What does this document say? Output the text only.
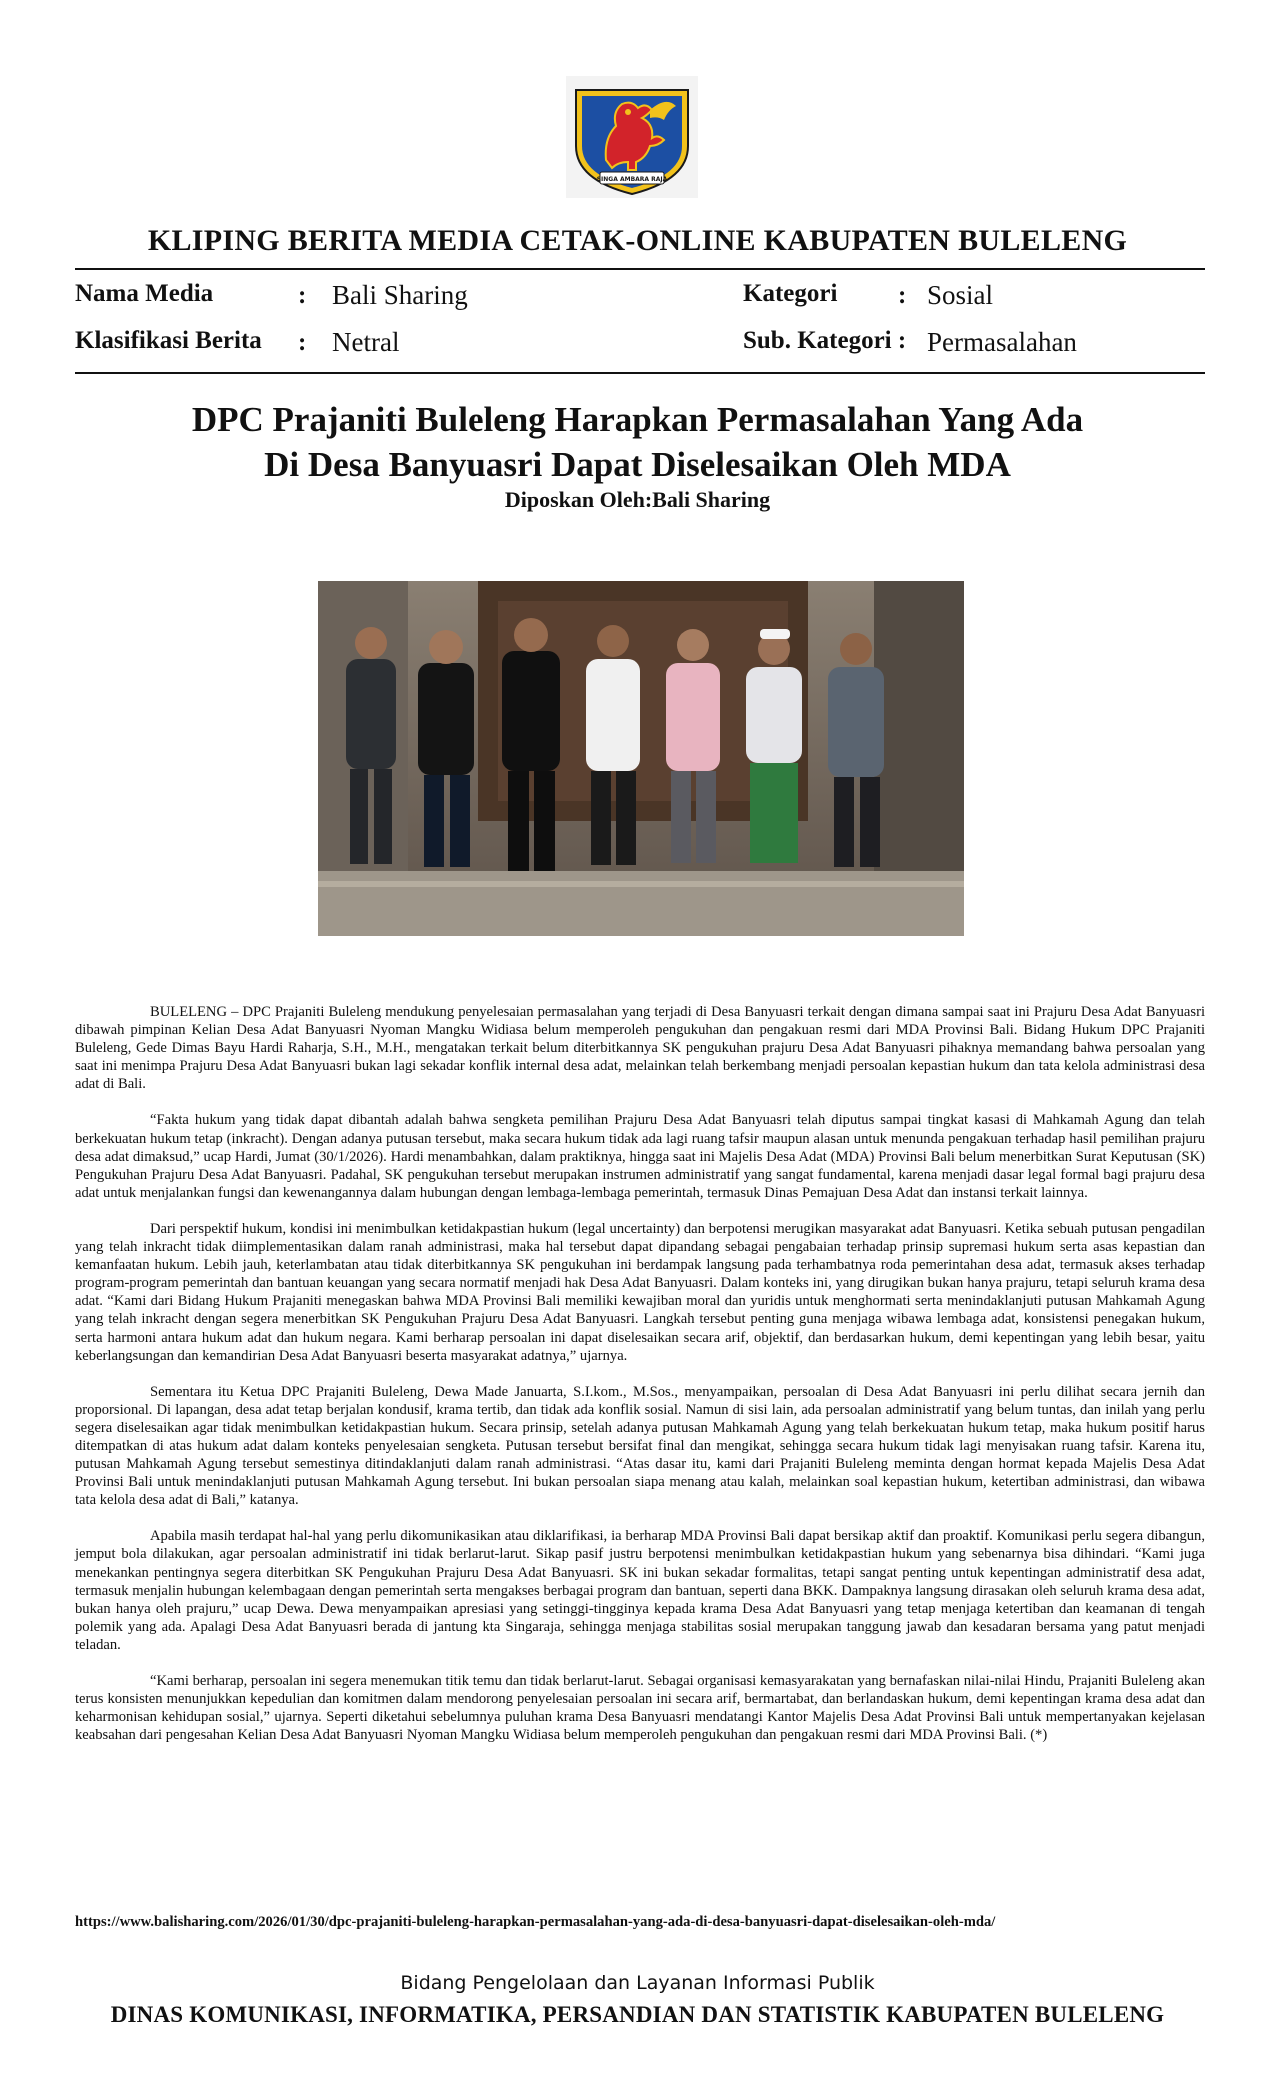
SINGA AMBARA RAJA
KLIPING BERITA MEDIA CETAK-ONLINE KABUPATEN BULELENG
Nama Media	: Bali Sharing	Kategori : Sosial
Klasifikasi Berita : Netral	Sub. Kategori : Permasalahan
DPC Prajaniti Buleleng Harapkan Permasalahan Yang Ada
Di Desa Banyuasri Dapat Diselesaikan Oleh MDA
Diposkan Oleh:Bali Sharing

BULELENG – DPC Prajaniti Buleleng mendukung penyelesaian permasalahan yang terjadi di Desa Banyuasri terkait dengan dimana sampai saat ini Prajuru Desa Adat Banyuasri dibawah pimpinan Kelian Desa Adat Banyuasri Nyoman Mangku Widiasa belum memperoleh pengukuhan dan pengakuan resmi dari MDA Provinsi Bali. Bidang Hukum DPC Prajaniti Buleleng, Gede Dimas Bayu Hardi Raharja, S.H., M.H., mengatakan terkait belum diterbitkannya SK pengukuhan prajuru Desa Adat Banyuasri pihaknya memandang bahwa persoalan yang saat ini menimpa Prajuru Desa Adat Banyuasri bukan lagi sekadar konflik internal desa adat, melainkan telah berkembang menjadi persoalan kepastian hukum dan tata kelola administrasi desa adat di Bali.

“Fakta hukum yang tidak dapat dibantah adalah bahwa sengketa pemilihan Prajuru Desa Adat Banyuasri telah diputus sampai tingkat kasasi di Mahkamah Agung dan telah berkekuatan hukum tetap (inkracht). Dengan adanya putusan tersebut, maka secara hukum tidak ada lagi ruang tafsir maupun alasan untuk menunda pengakuan terhadap hasil pemilihan prajuru desa adat dimaksud,” ucap Hardi, Jumat (30/1/2026). Hardi menambahkan, dalam praktiknya, hingga saat ini Majelis Desa Adat (MDA) Provinsi Bali belum menerbitkan Surat Keputusan (SK) Pengukuhan Prajuru Desa Adat Banyuasri. Padahal, SK pengukuhan tersebut merupakan instrumen administratif yang sangat fundamental, karena menjadi dasar legal formal bagi prajuru desa adat untuk menjalankan fungsi dan kewenangannya dalam hubungan dengan lembaga-lembaga pemerintah, termasuk Dinas Pemajuan Desa Adat dan instansi terkait lainnya.

Dari perspektif hukum, kondisi ini menimbulkan ketidakpastian hukum (legal uncertainty) dan berpotensi merugikan masyarakat adat Banyuasri. Ketika sebuah putusan pengadilan yang telah inkracht tidak diimplementasikan dalam ranah administrasi, maka hal tersebut dapat dipandang sebagai pengabaian terhadap prinsip supremasi hukum serta asas kepastian dan kemanfaatan hukum. Lebih jauh, keterlambatan atau tidak diterbitkannya SK pengukuhan ini berdampak langsung pada terhambatnya roda pemerintahan desa adat, termasuk akses terhadap program-program pemerintah dan bantuan keuangan yang secara normatif menjadi hak Desa Adat Banyuasri. Dalam konteks ini, yang dirugikan bukan hanya prajuru, tetapi seluruh krama desa adat. “Kami dari Bidang Hukum Prajaniti menegaskan bahwa MDA Provinsi Bali memiliki kewajiban moral dan yuridis untuk menghormati serta menindaklanjuti putusan Mahkamah Agung yang telah inkracht dengan segera menerbitkan SK Pengukuhan Prajuru Desa Adat Banyuasri. Langkah tersebut penting guna menjaga wibawa lembaga adat, konsistensi penegakan hukum, serta harmoni antara hukum adat dan hukum negara. Kami berharap persoalan ini dapat diselesaikan secara arif, objektif, dan berdasarkan hukum, demi kepentingan yang lebih besar, yaitu keberlangsungan dan kemandirian Desa Adat Banyuasri beserta masyarakat adatnya,” ujarnya.

Sementara itu Ketua DPC Prajaniti Buleleng, Dewa Made Januarta, S.I.kom., M.Sos., menyampaikan, persoalan di Desa Adat Banyuasri ini perlu dilihat secara jernih dan proporsional. Di lapangan, desa adat tetap berjalan kondusif, krama tertib, dan tidak ada konflik sosial. Namun di sisi lain, ada persoalan administratif yang belum tuntas, dan inilah yang perlu segera diselesaikan agar tidak menimbulkan ketidakpastian hukum. Secara prinsip, setelah adanya putusan Mahkamah Agung yang telah berkekuatan hukum tetap, maka hukum positif harus ditempatkan di atas hukum adat dalam konteks penyelesaian sengketa. Putusan tersebut bersifat final dan mengikat, sehingga secara hukum tidak lagi menyisakan ruang tafsir. Karena itu, putusan Mahkamah Agung tersebut semestinya ditindaklanjuti dalam ranah administrasi. “Atas dasar itu, kami dari Prajaniti Buleleng meminta dengan hormat kepada Majelis Desa Adat Provinsi Bali untuk menindaklanjuti putusan Mahkamah Agung tersebut. Ini bukan persoalan siapa menang atau kalah, melainkan soal kepastian hukum, ketertiban administrasi, dan wibawa tata kelola desa adat di Bali,” katanya.

Apabila masih terdapat hal-hal yang perlu dikomunikasikan atau diklarifikasi, ia berharap MDA Provinsi Bali dapat bersikap aktif dan proaktif. Komunikasi perlu segera dibangun, jemput bola dilakukan, agar persoalan administratif ini tidak berlarut-larut. Sikap pasif justru berpotensi menimbulkan ketidakpastian hukum yang sebenarnya bisa dihindari. “Kami juga menekankan pentingnya segera diterbitkan SK Pengukuhan Prajuru Desa Adat Banyuasri. SK ini bukan sekadar formalitas, tetapi sangat penting untuk kepentingan administratif desa adat, termasuk menjalin hubungan kelembagaan dengan pemerintah serta mengakses berbagai program dan bantuan, seperti dana BKK. Dampaknya langsung dirasakan oleh seluruh krama desa adat, bukan hanya oleh prajuru,” ucap Dewa. Dewa menyampaikan apresiasi yang setinggi-tingginya kepada krama Desa Adat Banyuasri yang tetap menjaga ketertiban dan keamanan di tengah polemik yang ada. Apalagi Desa Adat Banyuasri berada di jantung kta Singaraja, sehingga menjaga stabilitas sosial merupakan tanggung jawab dan kesadaran bersama yang patut menjadi teladan.

“Kami berharap, persoalan ini segera menemukan titik temu dan tidak berlarut-larut. Sebagai organisasi kemasyarakatan yang bernafaskan nilai-nilai Hindu, Prajaniti Buleleng akan terus konsisten menunjukkan kepedulian dan komitmen dalam mendorong penyelesaian persoalan ini secara arif, bermartabat, dan berlandaskan hukum, demi kepentingan krama desa adat dan keharmonisan kehidupan sosial,” ujarnya. Seperti diketahui sebelumnya puluhan krama Desa Banyuasri mendatangi Kantor Majelis Desa Adat Provinsi Bali untuk mempertanyakan kejelasan keabsahan dari pengesahan Kelian Desa Adat Banyuasri Nyoman Mangku Widiasa belum memperoleh pengukuhan dan pengakuan resmi dari MDA Provinsi Bali. (*)

https://www.balisharing.com/2026/01/30/dpc-prajaniti-buleleng-harapkan-permasalahan-yang-ada-di-desa-banyuasri-dapat-diselesaikan-oleh-mda/
Bidang Pengelolaan dan Layanan Informasi Publik
DINAS KOMUNIKASI, INFORMATIKA, PERSANDIAN DAN STATISTIK KABUPATEN BULELENG
